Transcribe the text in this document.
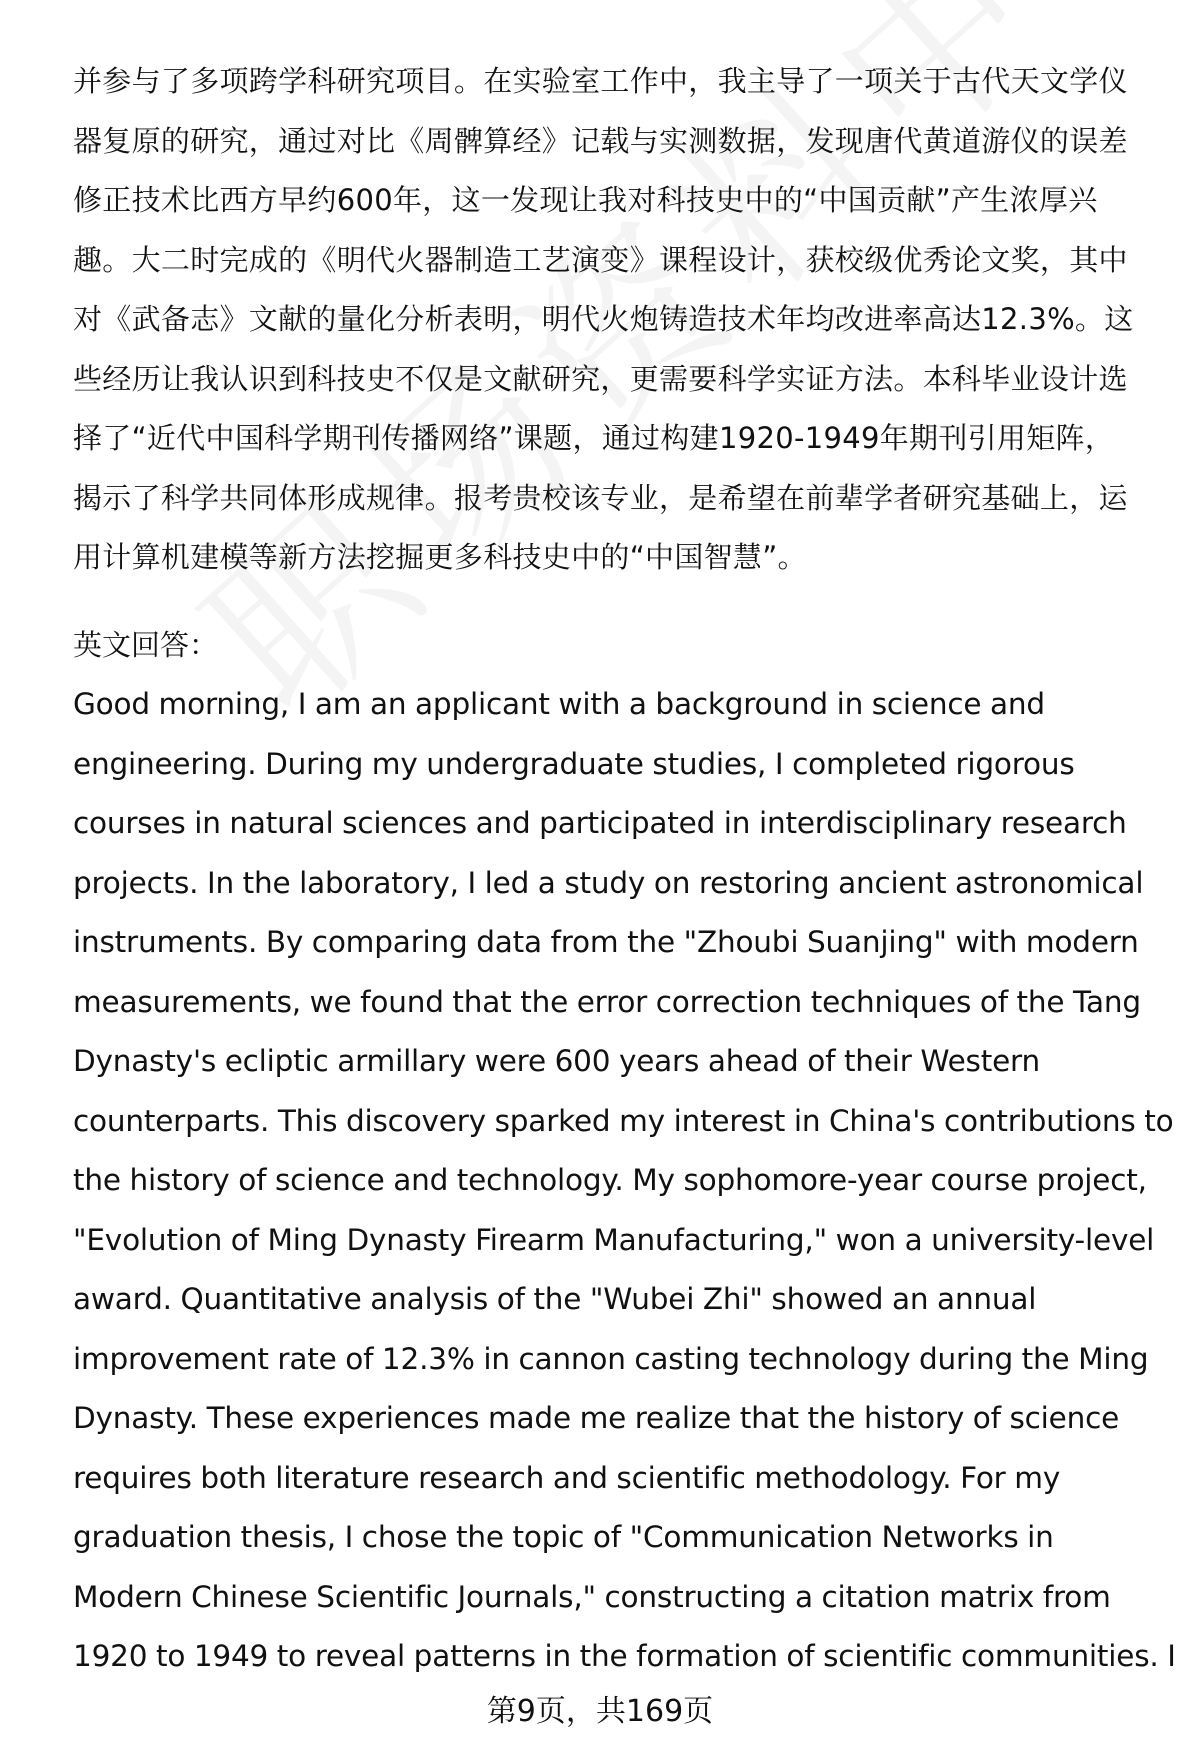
并参与了多项跨学科研究项目。在实验室工作中，我主导了一项关于古代天文学仪
器复原的研究，通过对比《周髀算经》记载与实测数据，发现唐代黄道游仪的误差
修正技术比西方早约600年，这一发现让我对科技史中的“中国贡献”产生浓厚兴
趣。大二时完成的《明代火器制造工艺演变》课程设计，获校级优秀论文奖，其中
对《武备志》文献的量化分析表明，明代火炮铸造技术年均改进率高达12.3%。这
些经历让我认识到科技史不仅是文献研究，更需要科学实证方法。本科毕业设计选
择了“近代中国科学期刊传播网络”课题，通过构建1920-1949年期刊引用矩阵，
揭示了科学共同体形成规律。报考贵校该专业，是希望在前辈学者研究基础上，运
用计算机建模等新方法挖掘更多科技史中的“中国智慧”。
英文回答：
Good morning, I am an applicant with a background in science and
engineering. During my undergraduate studies, I completed rigorous
courses in natural sciences and participated in interdisciplinary research
projects. In the laboratory, I led a study on restoring ancient astronomical
instruments. By comparing data from the "Zhoubi Suanjing" with modern
measurements, we found that the error correction techniques of the Tang
Dynasty's ecliptic armillary were 600 years ahead of their Western
counterparts. This discovery sparked my interest in China's contributions to
the history of science and technology. My sophomore-year course project,
"Evolution of Ming Dynasty Firearm Manufacturing," won a university-level
award. Quantitative analysis of the "Wubei Zhi" showed an annual
improvement rate of 12.3% in cannon casting technology during the Ming
Dynasty. These experiences made me realize that the history of science
requires both literature research and scientific methodology. For my
graduation thesis, I chose the topic of "Communication Networks in
Modern Chinese Scientific Journals," constructing a citation matrix from
1920 to 1949 to reveal patterns in the formation of scientific communities. I
第9页，共169页
